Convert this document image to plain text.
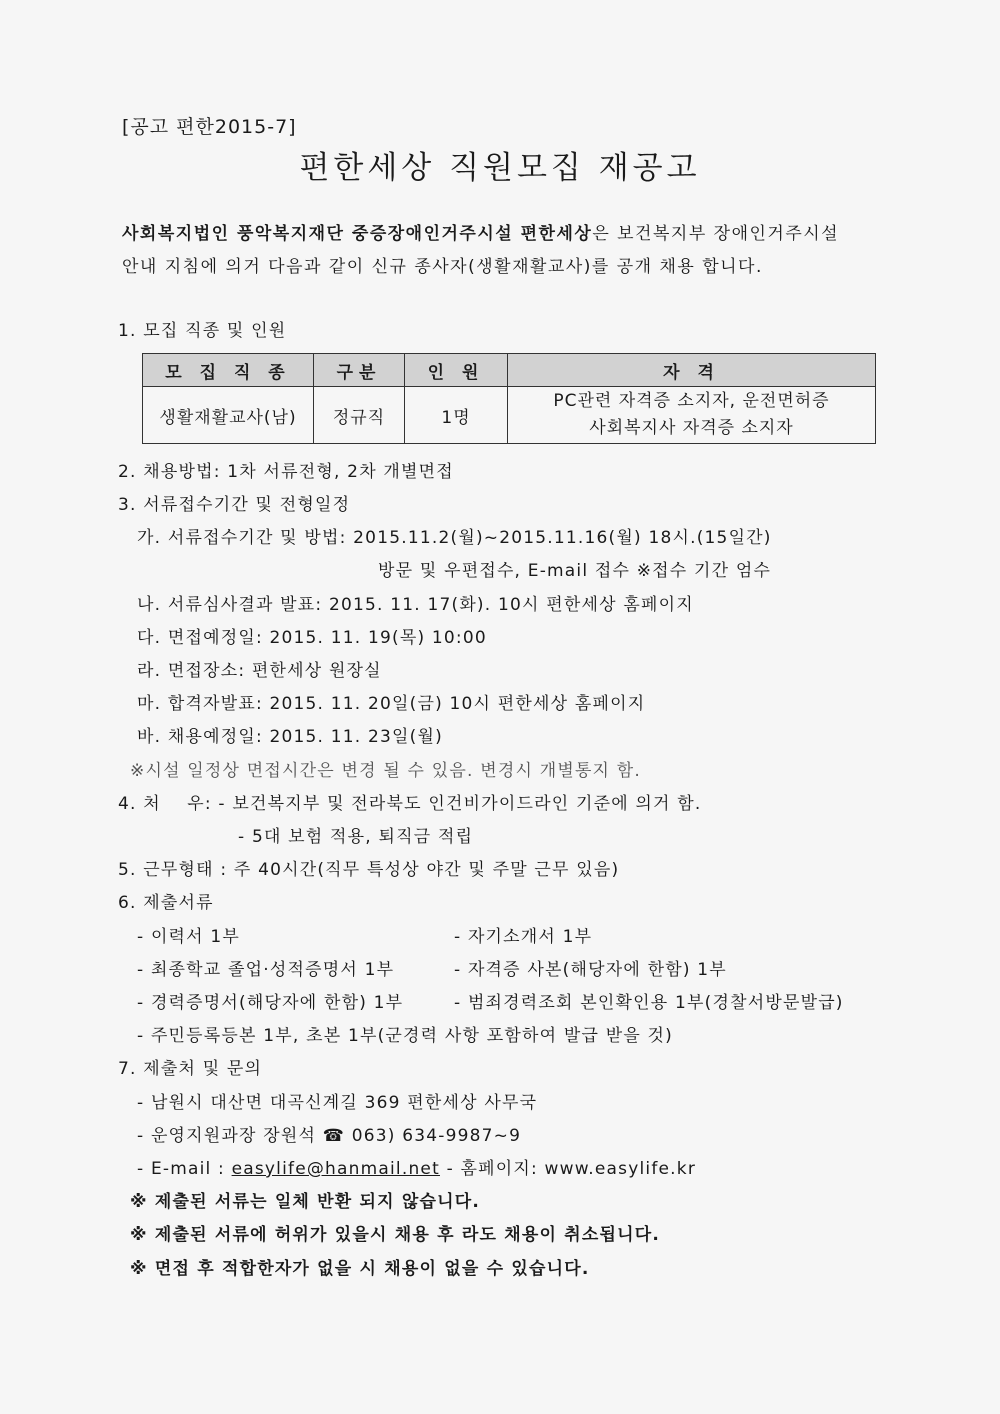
[공고 편한2015-7]
편한세상 직원모집 재공고
사회복지법인 풍악복지재단 중증장애인거주시설 편한세상은 보건복지부 장애인거주시설
안내 지침에 의거 다음과 같이 신규 종사자(생활재활교사)를 공개 채용 합니다.
1. 모집 직종 및 인원
모 집 직 종	구분	인 원	자 격
생활재활교사(남)	정규직	1명	PC관련 자격증 소지자, 운전면허증
사회복지사 자격증 소지자
2. 채용방법: 1차 서류전형, 2차 개별면접
3. 서류접수기간 및 전형일정
가. 서류접수기간 및 방법: 2015.11.2(월)~2015.11.16(월) 18시.(15일간)
방문 및 우편접수, E-mail 접수 ※접수 기간 엄수
나. 서류심사결과 발표: 2015. 11. 17(화). 10시 편한세상 홈페이지
다. 면접예정일: 2015. 11. 19(목) 10:00
라. 면접장소: 편한세상 원장실
마. 합격자발표: 2015. 11. 20일(금) 10시 편한세상 홈페이지
바. 채용예정일: 2015. 11. 23일(월)
※시설 일정상 면접시간은 변경 될 수 있음. 변경시 개별통지 함.
4. 처    우: - 보건복지부 및 전라북도 인건비가이드라인 기준에 의거 함.
- 5대 보험 적용, 퇴직금 적립
5. 근무형태 : 주 40시간(직무 특성상 야간 및 주말 근무 있음)
6. 제출서류
- 이력서 1부	- 자기소개서 1부
- 최종학교 졸업·성적증명서 1부	- 자격증 사본(해당자에 한함) 1부
- 경력증명서(해당자에 한함) 1부	- 범죄경력조회 본인확인용 1부(경찰서방문발급)
- 주민등록등본 1부, 초본 1부(군경력 사항 포함하여 발급 받을 것)
7. 제출처 및 문의
- 남원시 대산면 대곡신계길 369 편한세상 사무국
- 운영지원과장 장원석 ☎ 063) 634-9987~9
- E-mail : easylife@hanmail.net - 홈페이지: www.easylife.kr
※ 제출된 서류는 일체 반환 되지 않습니다.
※ 제출된 서류에 허위가 있을시 채용 후 라도 채용이 취소됩니다.
※ 면접 후 적합한자가 없을 시 채용이 없을 수 있습니다.
